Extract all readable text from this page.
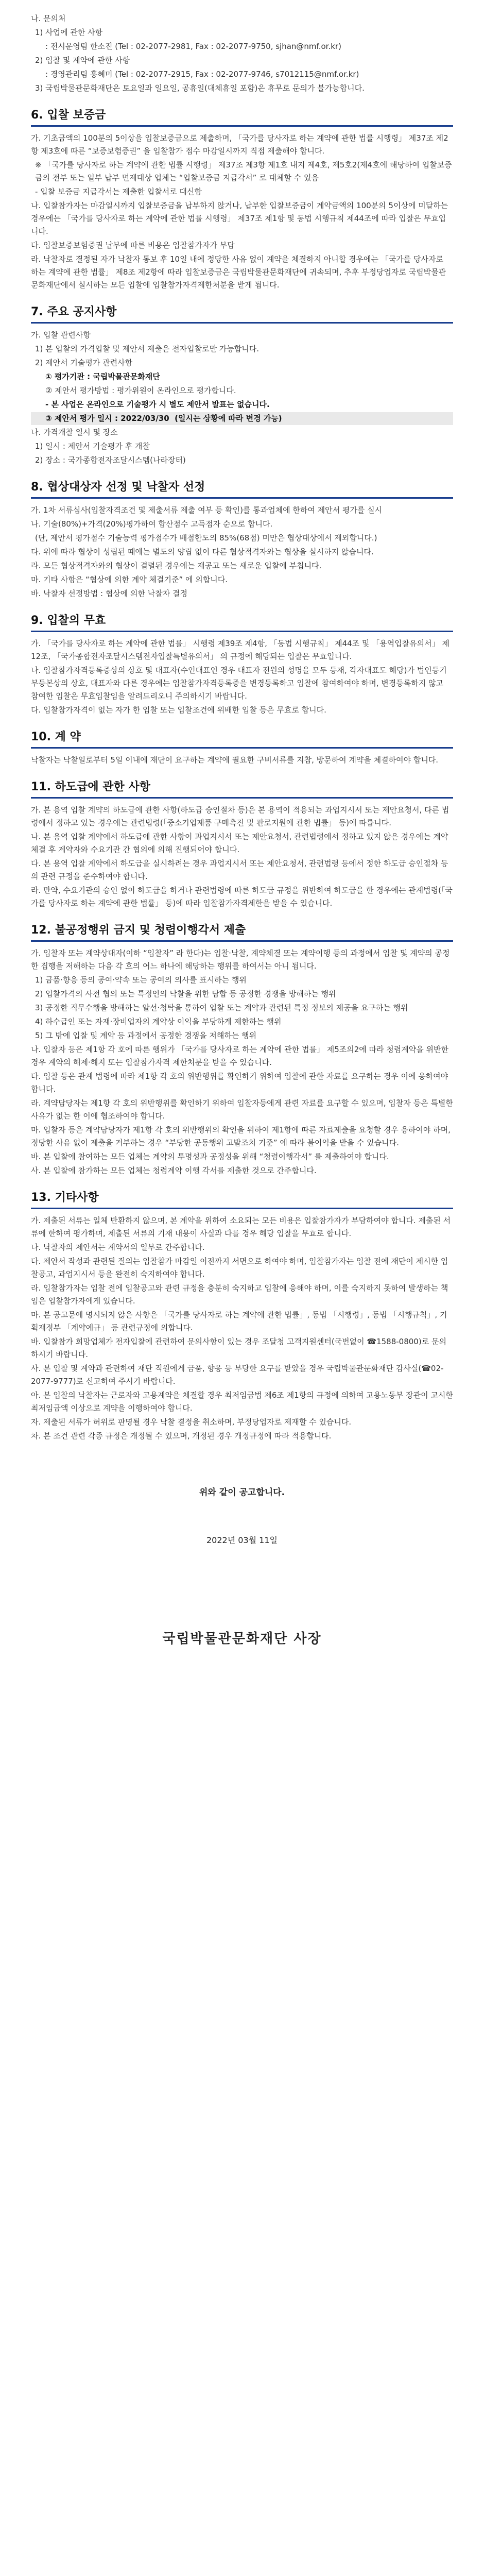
나. 문의처
1) 사업에 관한 사항
: 전시운영팀 한소진 (Tel : 02-2077-2981, Fax : 02-2077-9750, sjhan@nmf.or.kr)
2) 입찰 및 계약에 관한 사항
: 경영관리팀 홍혜미 (Tel : 02-2077-2915, Fax : 02-2077-9746, s7012115@nmf.or.kr)
3) 국립박물관문화재단은 토요일과 일요일, 공휴일(대체휴일 포함)은 휴무로 문의가 불가능합니다.
6. 입찰 보증금
가. 기초금액의 100분의 5이상을 입찰보증금으로 제출하며, 「국가를 당사자로 하는 계약에 관한 법률 시행령」 제37조 제2항 제3호에 따른 “보증보험증권” 을 입찰참가 접수 마감일시까지 직접 제출해야 합니다.
※ 「국가를 당사자로 하는 계약에 관한 법률 시행령」 제37조 제3항 제1호 내지 제4호, 제5호2(제4호에 해당하여 입찰보증금의 전부 또는 일부 납부 면제대상 업체는 “입찰보증금 지급각서” 로 대체할 수 있음
- 입찰 보증금 지급각서는 제출한 입찰서로 대신함
나. 입찰참가자는 마감일시까지 입찰보증금을 납부하지 않거나, 납부한 입찰보증금이 계약금액의 100분의 5이상에 미달하는 경우에는 「국가를 당사자로 하는 계약에 관한 법률 시행령」 제37조 제1항 및 동법 시행규칙 제44조에 따라 입찰은 무효입니다.
다. 입찰보증보험증권 납부에 따른 비용은 입찰참가자가 부담
라. 낙찰자로 결정된 자가 낙찰자 통보 후 10일 내에 정당한 사유 없이 계약을 체결하지 아니할 경우에는 「국가를 당사자로 하는 계약에 관한 법률」 제8조 제2항에 따라 입찰보증금은 국립박물관문화재단에 귀속되며, 추후 부정당업자로 국립박물관문화재단에서 실시하는 모든 입찰에 입찰참가자격제한처분을 받게 됩니다.
7. 주요 공지사항
가. 입찰 관련사항
1) 본 입찰의 가격입찰 및 제안서 제출은 전자입찰로만 가능합니다.
2) 제안서 기술평가 관련사항
① 평가기관 : 국립박물관문화재단
② 제안서 평가방법 : 평가위원이 온라인으로 평가합니다.
- 본 사업은 온라인으로 기술평가 시 별도 제안서 발표는 없습니다.
③ 제안서 평가 일시 : 2022/03/30  (일시는 상황에 따라 변경 가능)
나. 가격개찰 일시 및 장소
1) 일시 : 제안서 기술평가 후 개찰
2) 장소 : 국가종합전자조달시스템(나라장터)
8. 협상대상자 선정 및 낙찰자 선정
가. 1차 서류심사(입찰자격조건 및 제출서류 제출 여부 등 확인)를 통과업체에 한하여 제안서 평가를 실시
나. 기술(80%)+가격(20%)평가하여 합산점수 고득점자 순으로 합니다.
(단, 제안서 평가점수 기술능력 평가점수가 배점한도의 85%(68점) 미만은 협상대상에서 제외합니다.)
다. 위에 따라 협상이 성립된 때에는 별도의 양립 없이 다른 협상적격자와는 협상을 실시하지 않습니다.
라. 모든 협상적격자와의 협상이 결렬된 경우에는 재공고 또는 새로운 입찰에 부칩니다.
마. 기타 사항은 “협상에 의한 계약 체결기준” 에 의합니다.
바. 낙찰자 선정방법 : 협상에 의한 낙찰자 결정
9. 입찰의 무효
가. 「국가를 당사자로 하는 계약에 관한 법률」 시행령 제39조 제4항, 「동법 시행규칙」 제44조 및 「용역입찰유의서」 제12조, 「국가종합전자조달시스템전자입찰특별유의서」 의 규정에 해당되는 입찰은 무효입니다.
나. 입찰참가자격등록증상의 상호 및 대표자(수인대표인 경우 대표자 전원의 성명을 모두 등재, 각자대표도 해당)가 법인등기부등본상의 상호, 대표자와 다른 경우에는 입찰참가자격등록증을 변경등록하고 입찰에 참여하여야 하며, 변경등록하지 않고 참여한 입찰은 무효입찰임을 알려드리오니 주의하시기 바랍니다.
다. 입찰참가자격이 없는 자가 한 입찰 또는 입찰조건에 위배한 입찰 등은 무효로 합니다.
10. 계 약
낙찰자는 낙찰일로부터 5일 이내에 재단이 요구하는 계약에 필요한 구비서류를 지참, 방문하여 계약을 체결하여야 합니다.
11. 하도급에 관한 사항
가. 본 용역 입찰 계약의 하도급에 관한 사항(하도급 승인절차 등)은 본 용역이 적용되는 과업지시서 또는 제안요청서, 다른 법령에서 정하고 있는 경우에는 관련법령(「중소기업제품 구매촉진 및 판로지원에 관한 법률」 등)에 따릅니다.
나. 본 용역 입찰 계약에서 하도급에 관한 사항이 과업지시서 또는 제안요청서, 관련법령에서 정하고 있지 않은 경우에는 계약체결 후 계약자와 수요기관 간 협의에 의해 진행되어야 합니다.
다. 본 용역 입찰 계약에서 하도급을 실시하려는 경우 과업지시서 또는 제안요청서, 관련법령 등에서 정한 하도급 승인절차 등의 관련 규정을 준수하여야 합니다.
라. 만약, 수요기관의 승인 없이 하도급을 하거나 관련법령에 따른 하도급 규정을 위반하여 하도급을 한 경우에는 관계법령(「국가를 당사자로 하는 계약에 관한 법률」 등)에 따라 입찰참가자격제한을 받을 수 있습니다.
12. 불공정행위 금지 및 청렴이행각서 제출
가. 입찰자 또는 계약상대자(이하 “입찰자” 라 한다)는 입찰·낙찰, 계약체결 또는 계약이행 등의 과정에서 입찰 및 계약의 공정한 집행을 저해하는 다음 각 호의 어느 하나에 해당하는 행위를 하여서는 아니 됩니다.
1) 금품·향응 등의 공여·약속 또는 공여의 의사를 표시하는 행위
2) 입찰가격의 사전 협의 또는 특정인의 낙찰을 위한 담합 등 공정한 경쟁을 방해하는 행위
3) 공정한 직무수행을 방해하는 알선·청탁을 통하여 입찰 또는 계약과 관련된 특정 정보의 제공을 요구하는 행위
4) 하수급인 또는 자재·장비업자의 계약상 이익을 부당하게 제한하는 행위
5) 그 밖에 입찰 및 계약 등 과정에서 공정한 경쟁을 저해하는 행위
나. 입찰자 등은 제1항 각 호에 따른 행위가 「국가를 당사자로 하는 계약에 관한 법률」 제5조의2에 따라 청렴계약을 위반한 경우 계약의 해제·해지 또는 입찰참가자격 제한처분을 받을 수 있습니다.
다. 입찰 등은 관계 법령에 따라 제1항 각 호의 위반행위를 확인하기 위하여 입찰에 관한 자료를 요구하는 경우 이에 응하여야 합니다.
라. 계약담당자는 제1항 각 호의 위반행위를 확인하기 위하여 입찰자등에게 관련 자료를 요구할 수 있으며, 입찰자 등은 특별한 사유가 없는 한 이에 협조하여야 합니다.
마. 입찰자 등은 계약담당자가 제1항 각 호의 위반행위의 확인을 위하여 제1항에 따른 자료제출을 요청할 경우 응하여야 하며, 정당한 사유 없이 제출을 거부하는 경우 “부당한 공동행위 고발조치 기준” 에 따라 불이익을 받을 수 있습니다.
바. 본 입찰에 참여하는 모든 업체는 계약의 투명성과 공정성을 위해 “청렴이행각서” 를 제출하여야 합니다.
사. 본 입찰에 참가하는 모든 업체는 청렴계약 이행 각서를 제출한 것으로 간주합니다.
13. 기타사항
가. 제출된 서류는 일체 반환하지 않으며, 본 계약을 위하여 소요되는 모든 비용은 입찰참가자가 부담하여야 합니다. 제출된 서류에 한하여 평가하며, 제출된 서류의 기재 내용이 사실과 다를 경우 해당 입찰을 무효로 합니다.
나. 낙찰자의 제안서는 계약서의 일부로 간주합니다.
다. 제안서 작성과 관련된 질의는 입찰참가 마감일 이전까지 서면으로 하여야 하며, 입찰참가자는 입찰 전에 재단이 제시한 입찰공고, 과업지시서 등을 완전히 숙지하여야 합니다.
라. 입찰참가자는 입찰 전에 입찰공고와 관련 규정을 충분히 숙지하고 입찰에 응해야 하며, 이를 숙지하지 못하여 발생하는 책임은 입찰참가자에게 있습니다.
마. 본 공고문에 명시되지 않은 사항은 「국가를 당사자로 하는 계약에 관한 법률」, 동법 「시행령」, 동법 「시행규칙」, 기획재정부 「계약예규」 등 관련규정에 의합니다.
바. 입찰참가 희망업체가 전자입찰에 관련하여 문의사항이 있는 경우 조달청 고객지원센터(국번없이 ☎1588-0800)로 문의하시기 바랍니다.
사. 본 입찰 및 계약과 관련하여 재단 직원에게 금품, 향응 등 부당한 요구를 받았을 경우 국립박물관문화재단 감사실(☎02-2077-9777)로 신고하여 주시기 바랍니다.
아. 본 입찰의 낙찰자는 근로자와 고용계약을 체결할 경우 최저임금법 제6조 제1항의 규정에 의하여 고용노동부 장관이 고시한 최저임금액 이상으로 계약을 이행하여야 합니다.
자. 제출된 서류가 허위로 판명될 경우 낙찰 결정을 취소하며, 부정당업자로 제재할 수 있습니다.
차. 본 조건 관련 각종 규정은 개정될 수 있으며, 개정된 경우 개정규정에 따라 적용합니다.
위와 같이 공고합니다.
2022년 03월 11일
국립박물관문화재단 사장
